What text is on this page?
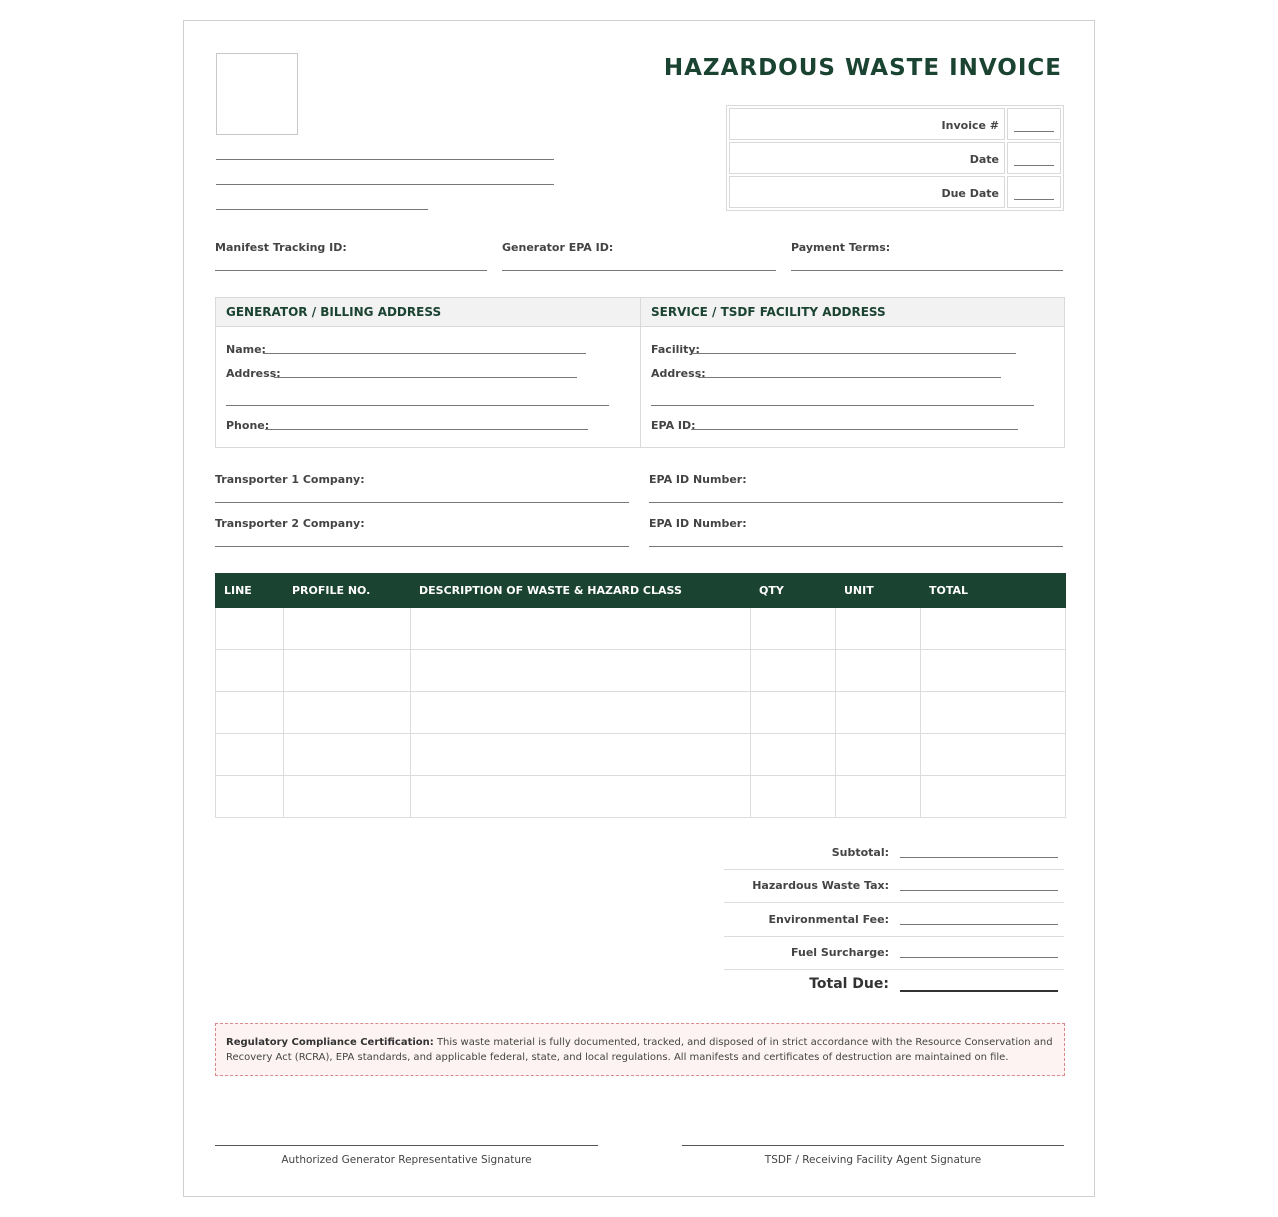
HAZARDOUS WASTE INVOICE
Invoice #
Date
Due Date
Manifest Tracking ID:	Generator EPA ID:	Payment Terms:
GENERATOR / BILLING ADDRESS
Name:
Address:
Phone:
SERVICE / TSDF FACILITY ADDRESS
Facility:
Address:
EPA ID:
Transporter 1 Company:	EPA ID Number:
Transporter 2 Company:	EPA ID Number:
LINE	PROFILE NO.	DESCRIPTION OF WASTE & HAZARD CLASS	QTY	UNIT	TOTAL

Subtotal:
Hazardous Waste Tax:
Environmental Fee:
Fuel Surcharge:
Total Due:
Regulatory Compliance Certification: This waste material is fully documented, tracked, and disposed of in strict accordance with the Resource Conservation and Recovery Act (RCRA), EPA standards, and applicable federal, state, and local regulations. All manifests and certificates of destruction are maintained on file.
Authorized Generator Representative Signature	TSDF / Receiving Facility Agent Signature
